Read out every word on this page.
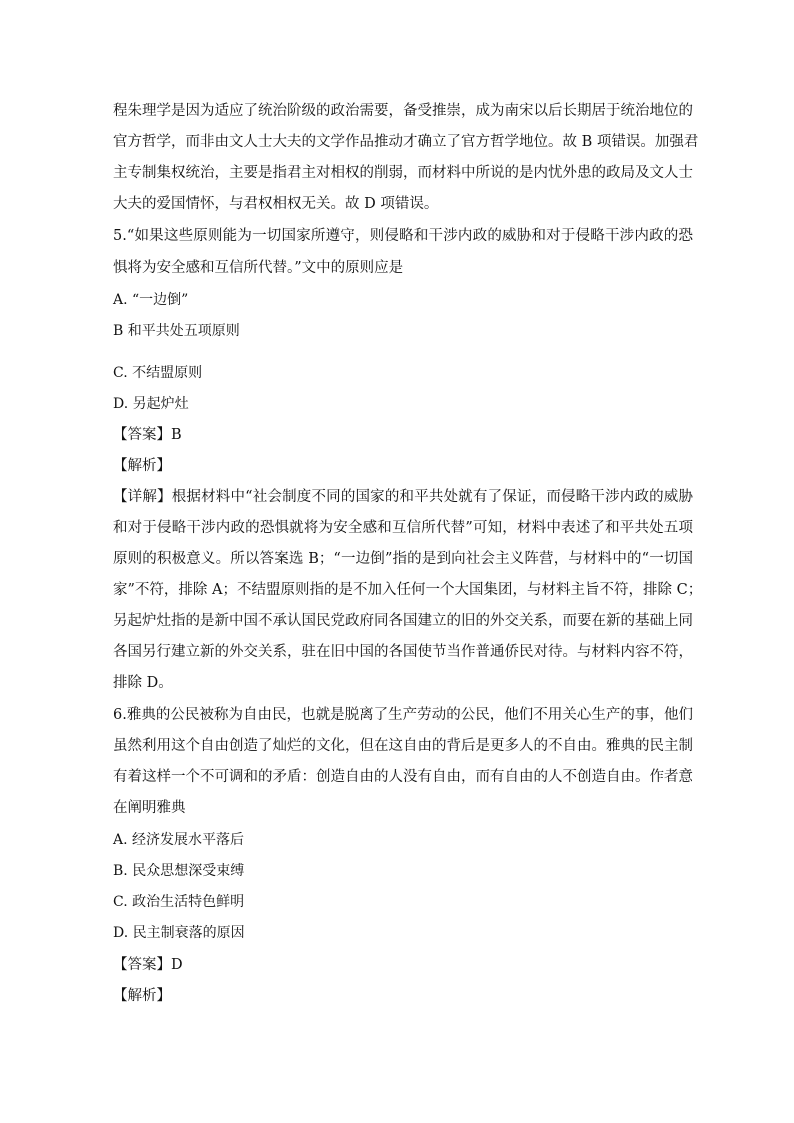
程朱理学是因为适应了统治阶级的政治需要，备受推崇，成为南宋以后长期居于统治地位的
官方哲学，而非由文人士大夫的文学作品推动才确立了官方哲学地位。故 B 项错误。加强君
主专制集权统治，主要是指君主对相权的削弱，而材料中所说的是内忧外患的政局及文人士
大夫的爱国情怀，与君权相权无关。故 D 项错误。
5.“如果这些原则能为一切国家所遵守，则侵略和干涉内政的威胁和对于侵略干涉内政的恐
惧将为安全感和互信所代替。”文中的原则应是
A. “一边倒”
B 和平共处五项原则
C. 不结盟原则
D. 另起炉灶
【答案】B
【解析】
【详解】根据材料中“社会制度不同的国家的和平共处就有了保证，而侵略干涉内政的威胁
和对于侵略干涉内政的恐惧就将为安全感和互信所代替”可知，材料中表述了和平共处五项
原则的积极意义。所以答案选 B；“一边倒”指的是到向社会主义阵营，与材料中的“一切国
家”不符，排除 A；不结盟原则指的是不加入任何一个大国集团，与材料主旨不符，排除 C；
另起炉灶指的是新中国不承认国民党政府同各国建立的旧的外交关系，而要在新的基础上同
各国另行建立新的外交关系，驻在旧中国的各国使节当作普通侨民对待。与材料内容不符，
排除 D。
6.雅典的公民被称为自由民，也就是脱离了生产劳动的公民，他们不用关心生产的事，他们
虽然利用这个自由创造了灿烂的文化，但在这自由的背后是更多人的不自由。雅典的民主制
有着这样一个不可调和的矛盾：创造自由的人没有自由，而有自由的人不创造自由。作者意
在阐明雅典
A. 经济发展水平落后
B. 民众思想深受束缚
C. 政治生活特色鲜明
D. 民主制衰落的原因
【答案】D
【解析】
